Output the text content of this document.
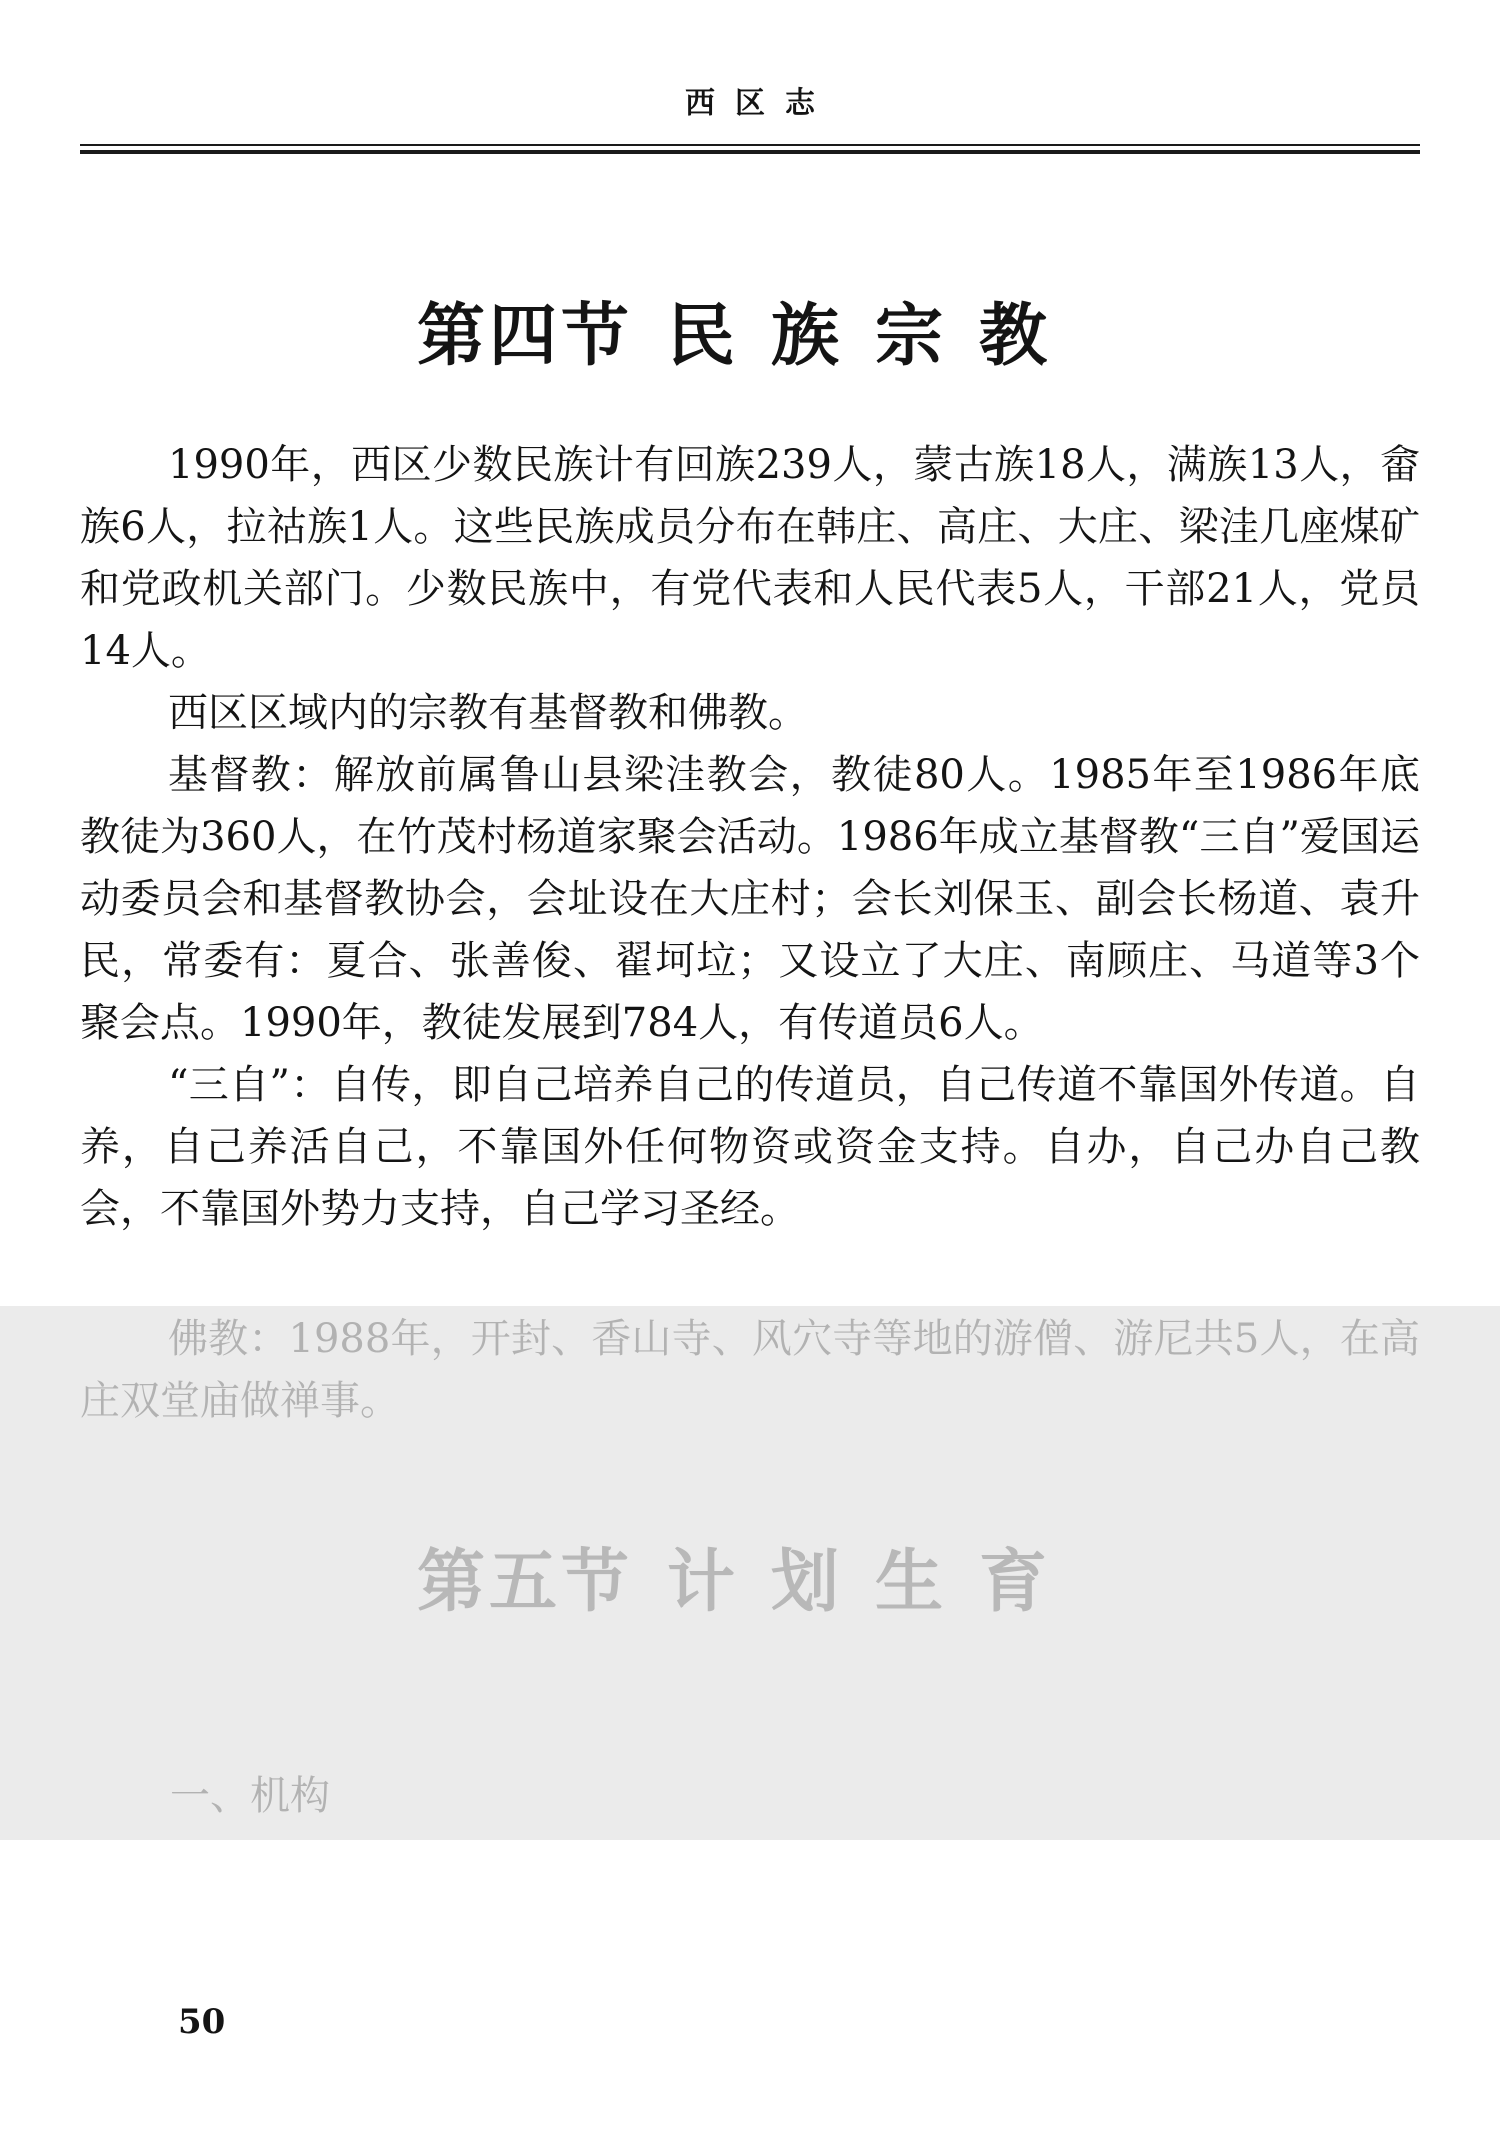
西区志
第四节 民族宗教

1990年，西区少数民族计有回族239人，蒙古族18人，满族13人，畲族6人，拉祜族1人。这些民族成员分布在韩庄、高庄、大庄、梁洼几座煤矿和党政机关部门。少数民族中，有党代表和人民代表5人，干部21人，党员14人。

西区区域内的宗教有基督教和佛教。

基督教：解放前属鲁山县梁洼教会，教徒80人。1985年至1986年底教徒为360人，在竹茂村杨道家聚会活动。1986年成立基督教“三自”爱国运动委员会和基督教协会，会址设在大庄村；会长刘保玉、副会长杨道、袁升民，常委有：夏合、张善俊、翟坷垃；又设立了大庄、南顾庄、马道等3个聚会点。1990年，教徒发展到784人，有传道员6人。

“三自”：自传，即自己培养自己的传道员，自己传道不靠国外传道。自养，自己养活自己，不靠国外任何物资或资金支持。自办，自己办自己教会，不靠国外势力支持，自己学习圣经。

佛教：1988年，开封、香山寺、风穴寺等地的游僧、游尼共5人，在高庄双堂庙做禅事。

第五节 计划生育
一、机构
50
